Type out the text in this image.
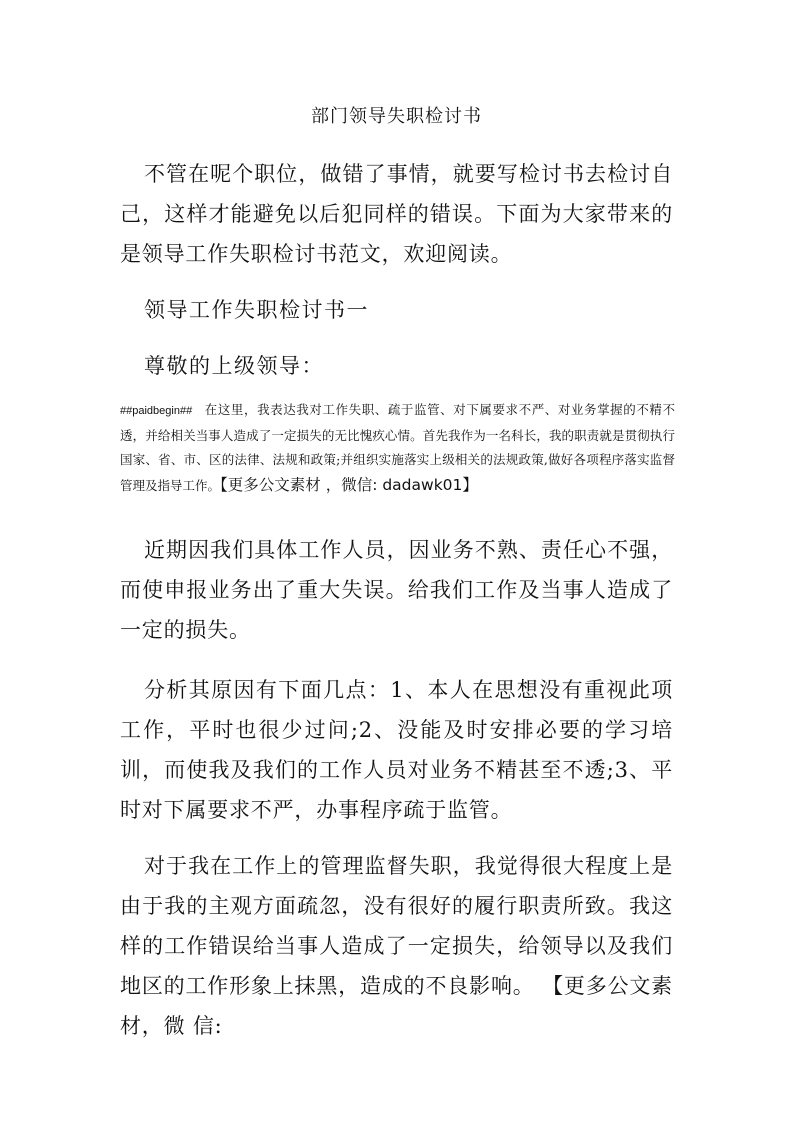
部门领导失职检讨书

不管在呢个职位，做错了事情，就要写检讨书去检讨自己，这样才能避免以后犯同样的错误。下面为大家带来的是领导工作失职检讨书范文，欢迎阅读。

领导工作失职检讨书一

尊敬的上级领导：

##paidbegin## 在这里，我表达我对工作失职、疏于监管、对下属要求不严、对业务掌握的不精不透，并给相关当事人造成了一定损失的无比愧疚心情。首先我作为一名科长，我的职责就是贯彻执行国家、省、市、区的法律、法规和政策;并组织实施落实上级相关的法规政策,做好各项程序落实监督管理及指导工作。【更多公文素材 ，微信: dadawk01】

近期因我们具体工作人员，因业务不熟、责任心不强，而使申报业务出了重大失误。给我们工作及当事人造成了一定的损失。

分析其原因有下面几点：1、本人在思想没有重视此项工作，平时也很少过问;2、没能及时安排必要的学习培训，而使我及我们的工作人员对业务不精甚至不透;3、平时对下属要求不严，办事程序疏于监管。

对于我在工作上的管理监督失职，我觉得很大程度上是由于我的主观方面疏忽，没有很好的履行职责所致。我这样的工作错误给当事人造成了一定损失，给领导以及我们地区的工作形象上抹黑，造成的不良影响。 【更多公文素材，微 信:
